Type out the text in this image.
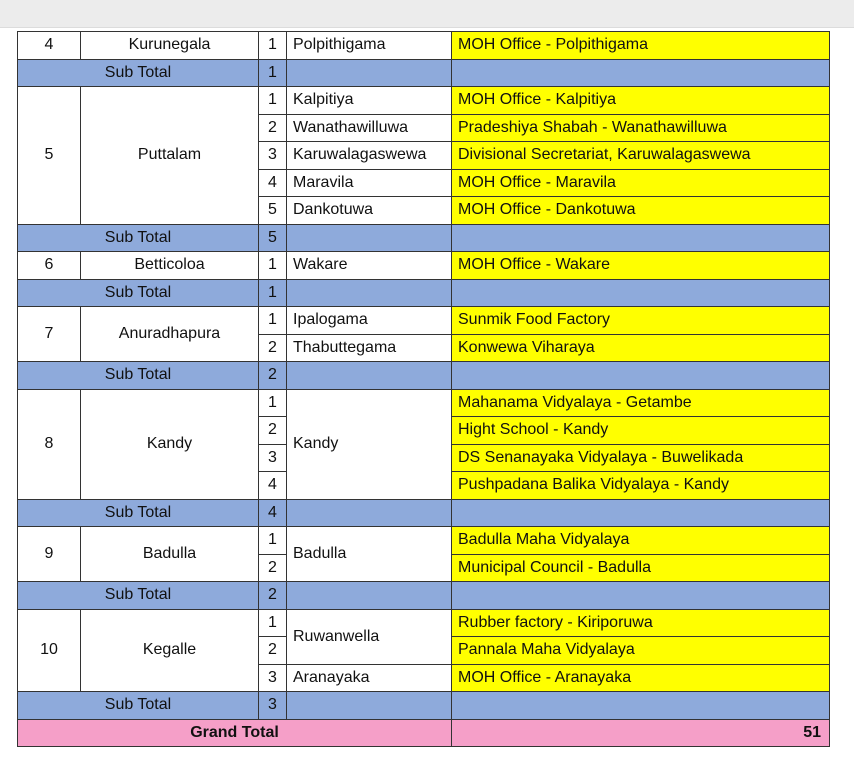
4	Kurunegala	1	Polpithigama	MOH Office - Polpithigama
Sub Total		1		
5	Puttalam	1	Kalpitiya	MOH Office - Kalpitiya
		2	Wanathawilluwa	Pradeshiya Shabah - Wanathawilluwa
		3	Karuwalagaswewa	Divisional Secretariat, Karuwalagaswewa
		4	Maravila	MOH Office - Maravila
		5	Dankotuwa	MOH Office - Dankotuwa
Sub Total		5		
6	Betticoloa	1	Wakare	MOH Office - Wakare
Sub Total		1		
7	Anuradhapura	1	Ipalogama	Sunmik Food Factory
		2	Thabuttegama	Konwewa Viharaya
Sub Total		2		
8	Kandy	1	Kandy	Mahanama Vidyalaya - Getambe
		2		Hight School - Kandy
		3		DS Senanayaka Vidyalaya - Buwelikada
		4		Pushpadana Balika Vidyalaya - Kandy
Sub Total		4		
9	Badulla	1	Badulla	Badulla Maha Vidyalaya
		2		Municipal Council - Badulla
Sub Total		2		
10	Kegalle	1	Ruwanwella	Rubber factory - Kiriporuwa
		2		Pannala Maha Vidyalaya
		3	Aranayaka	MOH Office - Aranayaka
Sub Total		3		
Grand Total				51
